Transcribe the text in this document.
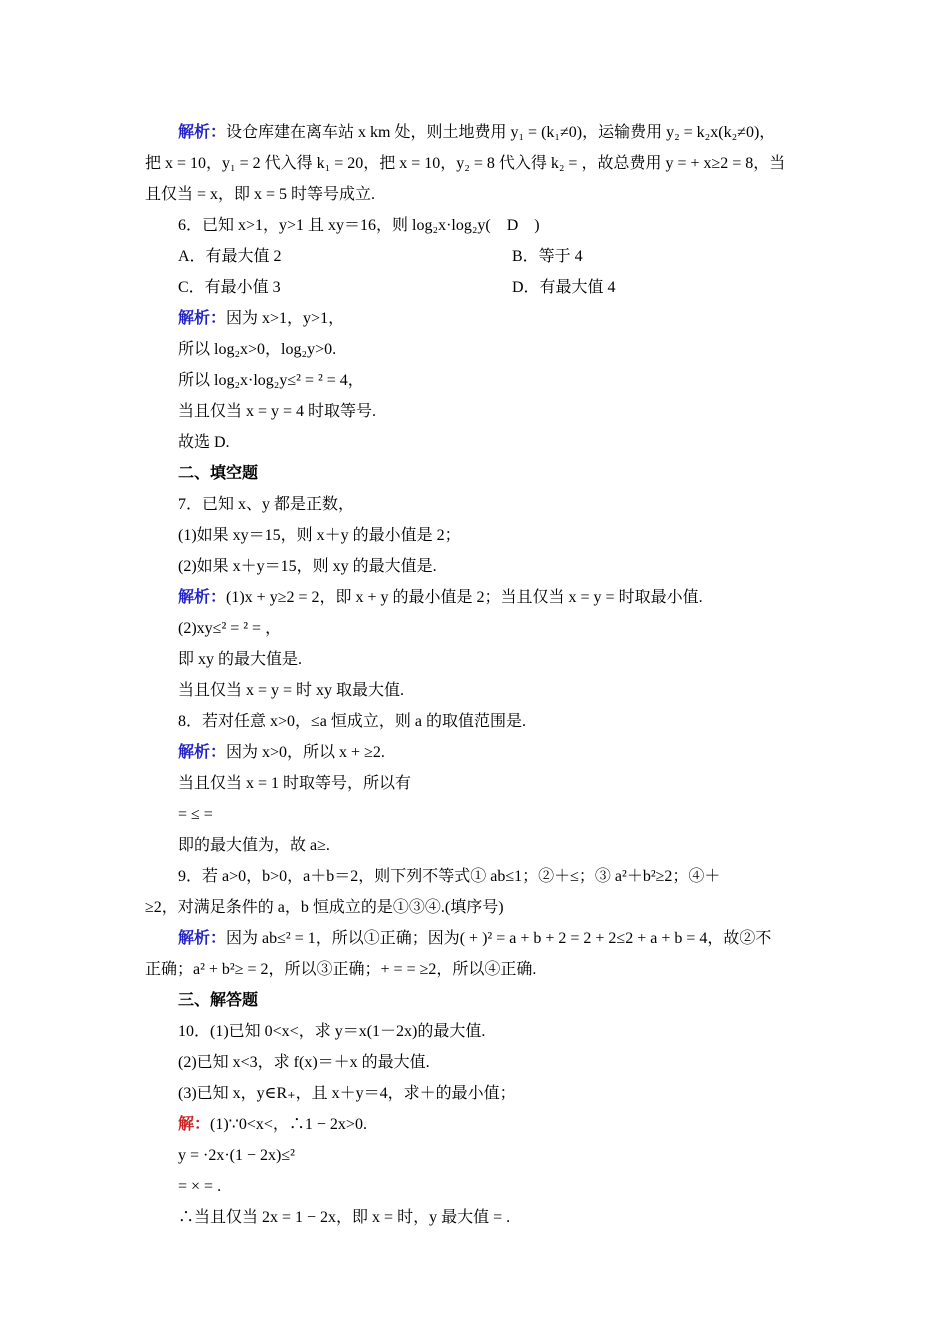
解析：设仓库建在离车站 x km 处，则土地费用 y₁ = (k₁≠0)，运输费用 y₂ = k₂x(k₂≠0)，
把 x = 10，y₁ = 2 代入得 k₁ = 20，把 x = 10，y₂ = 8 代入得 k₂ = ，故总费用 y = + x≥2 = 8，当
且仅当 = x，即 x = 5 时等号成立.
6．已知 x>1，y>1 且 xy＝16，则 log₂x·log₂y(　D　)
A．有最大值 2	B．等于 4
C．有最小值 3	D．有最大值 4
解析：因为 x>1，y>1，
所以 log₂x>0，log₂y>0.
所以 log₂x·log₂y≤² = ² = 4，
当且仅当 x = y = 4 时取等号.
故选 D.
二、填空题
7．已知 x、y 都是正数，
(1)如果 xy＝15，则 x＋y 的最小值是 2；
(2)如果 x＋y＝15，则 xy 的最大值是.
解析：(1)x + y≥2 = 2，即 x + y 的最小值是 2；当且仅当 x = y = 时取最小值.
(2)xy≤² = ² = ，
即 xy 的最大值是.
当且仅当 x = y = 时 xy 取最大值.
8．若对任意 x>0，≤a 恒成立，则 a 的取值范围是.
解析：因为 x>0，所以 x + ≥2.
当且仅当 x = 1 时取等号，所以有
= ≤ =
即的最大值为，故 a≥.
9．若 a>0，b>0，a＋b＝2，则下列不等式① ab≤1；②＋≤；③ a²＋b²≥2；④＋
≥2，对满足条件的 a，b 恒成立的是①③④.(填序号)
解析：因为 ab≤² = 1，所以①正确；因为( + )² = a + b + 2 = 2 + 2≤2 + a + b = 4，故②不
正确；a² + b²≥ = 2，所以③正确；+ = = ≥2，所以④正确.
三、解答题
10．(1)已知 0<x<，求 y＝x(1－2x)的最大值.
(2)已知 x<3，求 f(x)＝＋x 的最大值.
(3)已知 x，y∈R₊，且 x＋y＝4，求＋的最小值；
解：(1)∵0<x<，∴1 − 2x>0.
y = ·2x·(1 − 2x)≤²
= × = .
∴当且仅当 2x = 1 − 2x，即 x = 时，y 最大值 = .
